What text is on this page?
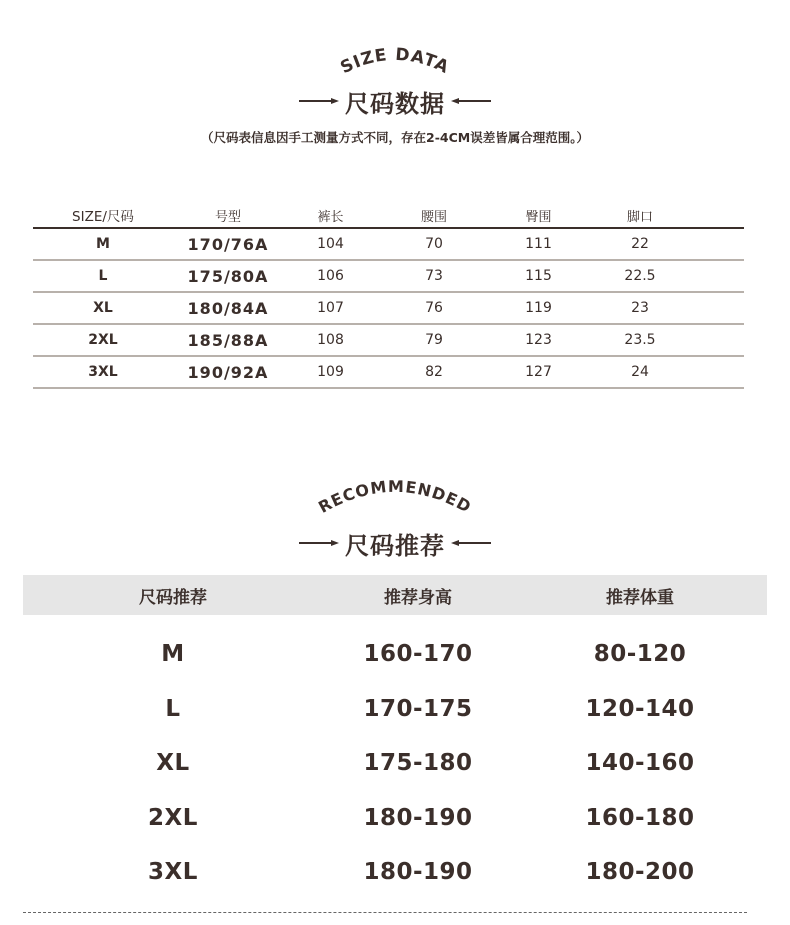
SIZE DATA
尺码数据
（尺码表信息因手工测量方式不同，存在2-4CM误差皆属合理范围。）
SIZE/尺码	号型	裤长	腰围	臀围	脚口
M	170/76A	104	70	111	22
L	175/80A	106	73	115	22.5
XL	180/84A	107	76	119	23
2XL	185/88A	108	79	123	23.5
3XL	190/92A	109	82	127	24
RECOMMENDED
尺码推荐
尺码推荐	推荐身高	推荐体重
M	160-170	80-120
L	170-175	120-140
XL	175-180	140-160
2XL	180-190	160-180
3XL	180-190	180-200
